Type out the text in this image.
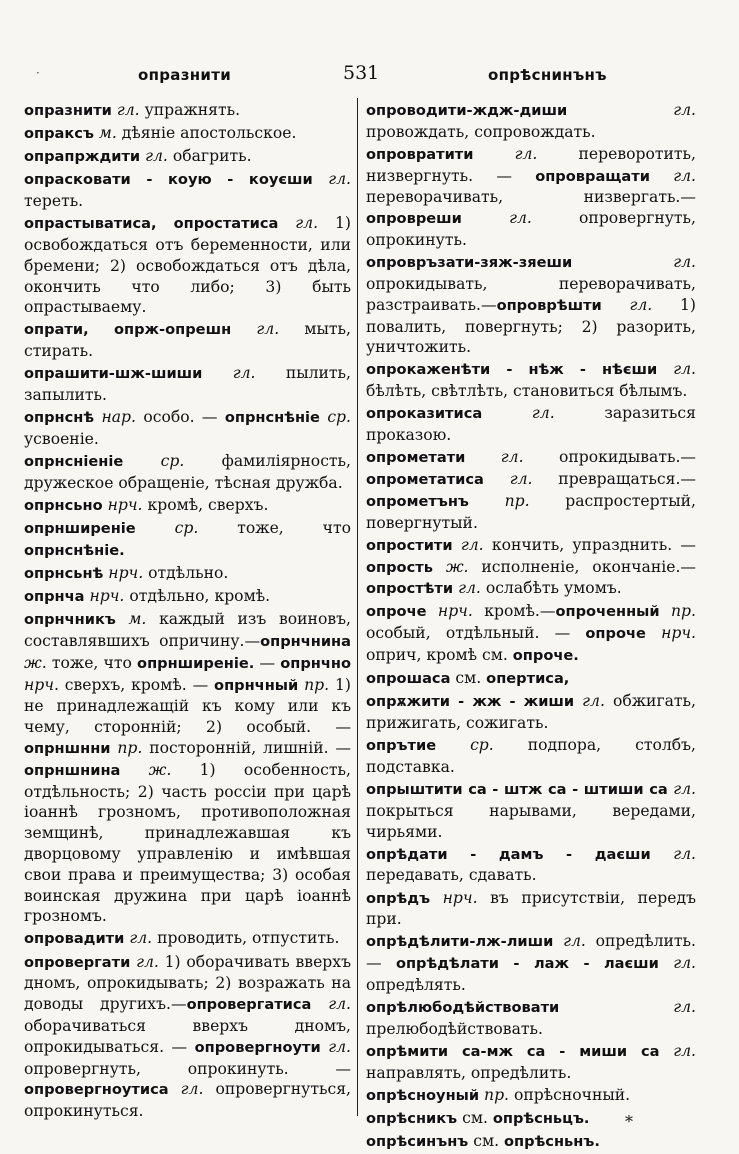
·	опразнити	531	опрѣснинънъ
опразнити гл. упражнять.
опраксъ м. дѣяніе апостольское.
опрапрждити гл. обагрить.
опрасковати - коую - коуєши гл. тереть.
опрастыватиса, опростатиса гл. 1) освобождаться отъ беременности, или бремени; 2) освобождаться отъ дѣла, окончить что либо; 3) быть опрастываему.
опрати, опрж-опрешн гл. мыть, стирать.
опрашити-шж-шиши гл. пылить, запылить.
опрнснѣ нар. особо. — опрнснѣніе ср. усвоеніе.
опрнсніеніе ср. фамиліярность, дружеское обращеніе, тѣсная дружба.
опрнсьно нрч. кромѣ, сверхъ.
опрнширеніе ср. тоже, что опрнснѣніе.
опрнсьнѣ нрч. отдѣльно.
опрнча нрч. отдѣльно, кромѣ.
опрнчникъ м. каждый изъ воиновъ, составлявшихъ опричину.—опрнчнина ж. тоже, что опрнширеніе. — опрнчно нрч. сверхъ, кромѣ. — опрнчный пр. 1) не принадлежащій къ кому или къ чему, сторонній; 2) особый. — опрншнни пр. посторонній, лишній. — опрншнина ж. 1) особенность, отдѣльность; 2) часть россіи при царѣ іоаннѣ грозномъ, противоположная земщинѣ, принадлежавшая къ дворцовому управленію и имѣвшая свои права и преимущества; 3) особая воинская дружина при царѣ іоаннѣ грозномъ.
опровадити гл. проводить, отпустить.
опровергати гл. 1) оборачивать вверхъ дномъ, опрокидывать; 2) возражать на доводы другихъ.—опровергатиса гл. оборачиваться вверхъ дномъ, опрокидываться. — опровергноути гл. опровергнуть, опрокинуть. — опровергноутиса гл. опровергнуться, опрокинуться.
опроводити-ждж-диши гл. провождать, сопровождать.
опровратити гл. переворотить, низвергнуть. — опровращати гл. переворачивать, низвергать.—опровреши гл. опровергнуть, опрокинуть.
опровръзати-зяж-зяеши гл. опрокидывать, переворачивать, разстраивать.—опроврѣшти гл. 1) повалить, повергнуть; 2) разорить, уничтожить.
опрокаженѣти - нѣж - нѣєши гл. бѣлѣть, свѣтлѣть, становиться бѣлымъ.
опроказитиса гл. заразиться проказою.
опрометати гл. опрокидывать.—опрометатиса гл. превращаться.—опрометънъ пр. распростертый, повергнутый.
опростити гл. кончить, упразднить. —опрость ж. исполненіе, окончаніе.—опростѣти гл. ослабѣть умомъ.
опроче нрч. кромѣ.—опроченный пр. особый, отдѣльный. — опроче нрч. оприч, кромѣ см. опроче.
опрошаса см. опертиса,
опрѫжити - жж - жиши гл. обжигать, прижигать, сожигать.
опрътие ср. подпора, столбъ, подставка.
опрыштити са - штж са - штиши са гл. покрыться нарывами, вередами, чирьями.
опрѣдати - дамъ - даєши гл. передавать, сдавать.
опрѣдъ нрч. въ присутствіи, передъ при.
опрѣдѣлити-лж-лиши гл. опредѣлить. — опрѣдѣлати - лаж - лаєши гл. опредѣлять.
опрѣлюбодѣйствовати гл. прелюбодѣйствовать.
опрѣмити са-мж са - миши са гл. направлять, опредѣлить.
опрѣсноуный пр. опрѣсночный.
опрѣсникъ см. опрѣсньцъ.
опрѣсинънъ см. опрѣсньнъ.
*
